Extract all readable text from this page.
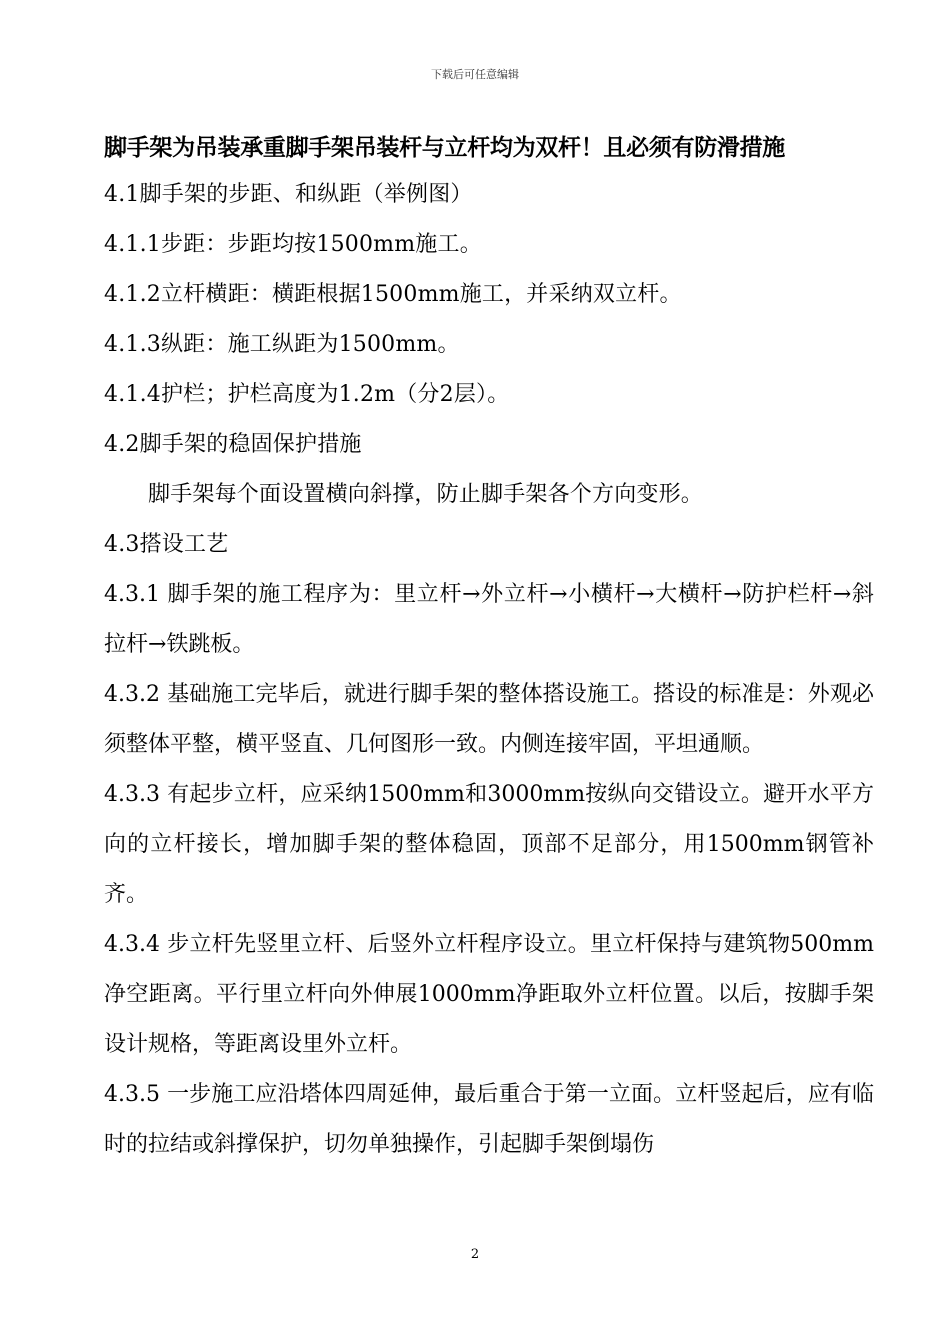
下载后可任意编辑
脚手架为吊装承重脚手架吊装杆与立杆均为双杆！且必须有防滑措施
4.1脚手架的步距、和纵距（举例图）
4.1.1步距：步距均按1500mm施工。
4.1.2立杆横距：横距根据1500mm施工，并采纳双立杆。
4.1.3纵距：施工纵距为1500mm。
4.1.4护栏；护栏高度为1.2m（分2层）。
4.2脚手架的稳固保护措施
脚手架每个面设置横向斜撑，防止脚手架各个方向变形。
4.3搭设工艺
4.3.1 脚手架的施工程序为：里立杆→外立杆→小横杆→大横杆→防护栏杆→斜拉杆→铁跳板。
4.3.2 基础施工完毕后，就进行脚手架的整体搭设施工。搭设的标准是：外观必须整体平整，横平竖直、几何图形一致。内侧连接牢固，平坦通顺。
4.3.3 有起步立杆，应采纳1500mm和3000mm按纵向交错设立。避开水平方向的立杆接长，增加脚手架的整体稳固，顶部不足部分，用1500mm钢管补齐。
4.3.4 步立杆先竖里立杆、后竖外立杆程序设立。里立杆保持与建筑物500mm净空距离。平行里立杆向外伸展1000mm净距取外立杆位置。以后，按脚手架设计规格，等距离设里外立杆。
4.3.5 一步施工应沿塔体四周延伸，最后重合于第一立面。立杆竖起后，应有临时的拉结或斜撑保护，切勿单独操作，引起脚手架倒塌伤
2
